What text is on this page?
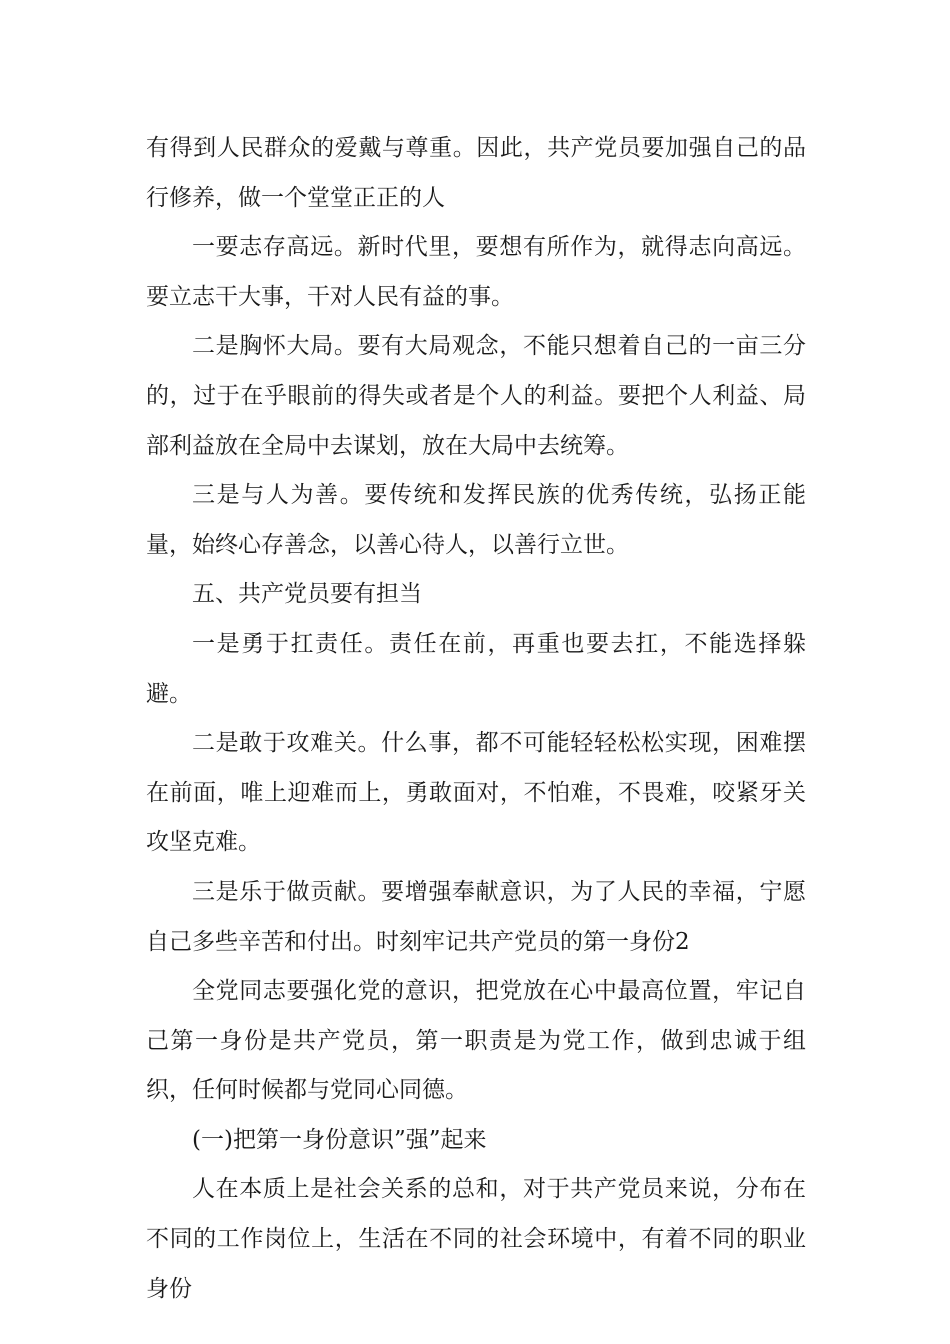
有得到人民群众的爱戴与尊重。因此，共产党员要加强自己的品行修养，做一个堂堂正正的人

一要志存高远。新时代里，要想有所作为，就得志向高远。要立志干大事，干对人民有益的事。

二是胸怀大局。要有大局观念，不能只想着自己的一亩三分的，过于在乎眼前的得失或者是个人的利益。要把个人利益、局部利益放在全局中去谋划，放在大局中去统筹。

三是与人为善。要传统和发挥民族的优秀传统，弘扬正能量，始终心存善念，以善心待人，以善行立世。

五、共产党员要有担当

一是勇于扛责任。责任在前，再重也要去扛，不能选择躲避。

二是敢于攻难关。什么事，都不可能轻轻松松实现，困难摆在前面，唯上迎难而上，勇敢面对，不怕难，不畏难，咬紧牙关攻坚克难。

三是乐于做贡献。要增强奉献意识，为了人民的幸福，宁愿自己多些辛苦和付出。时刻牢记共产党员的第一身份2

全党同志要强化党的意识，把党放在心中最高位置，牢记自己第一身份是共产党员，第一职责是为党工作，做到忠诚于组织，任何时候都与党同心同德。

(一)把第一身份意识”强”起来

人在本质上是社会关系的总和，对于共产党员来说，分布在不同的工作岗位上，生活在不同的社会环境中，有着不同的职业身份
